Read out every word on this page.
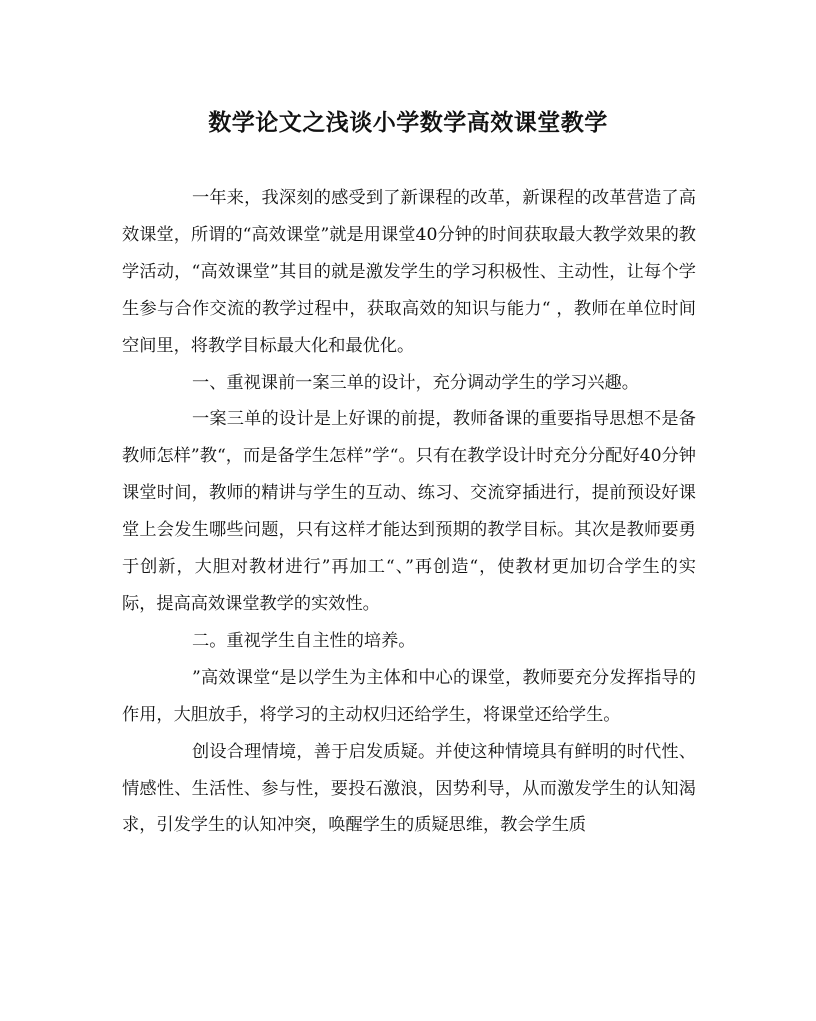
数学论文之浅谈小学数学高效课堂教学

一年来，我深刻的感受到了新课程的改革，新课程的改革营造了高效课堂，所谓的“高效课堂”就是用课堂40分钟的时间获取最大教学效果的教学活动，“高效课堂”其目的就是激发学生的学习积极性、主动性，让每个学生参与合作交流的教学过程中，获取高效的知识与能力“ ，教师在单位时间空间里，将教学目标最大化和最优化。

一、重视课前一案三单的设计，充分调动学生的学习兴趣。

一案三单的设计是上好课的前提，教师备课的重要指导思想不是备教师怎样”教“，而是备学生怎样”学“。只有在教学设计时充分分配好40分钟课堂时间，教师的精讲与学生的互动、练习、交流穿插进行，提前预设好课堂上会发生哪些问题，只有这样才能达到预期的教学目标。其次是教师要勇于创新，大胆对教材进行”再加工“、”再创造“，使教材更加切合学生的实际，提高高效课堂教学的实效性。

二。重视学生自主性的培养。

”高效课堂“是以学生为主体和中心的课堂，教师要充分发挥指导的作用，大胆放手，将学习的主动权归还给学生，将课堂还给学生。

创设合理情境，善于启发质疑。并使这种情境具有鲜明的时代性、情感性、生活性、参与性，要投石激浪，因势利导，从而激发学生的认知渴求，引发学生的认知冲突，唤醒学生的质疑思维，教会学生质
